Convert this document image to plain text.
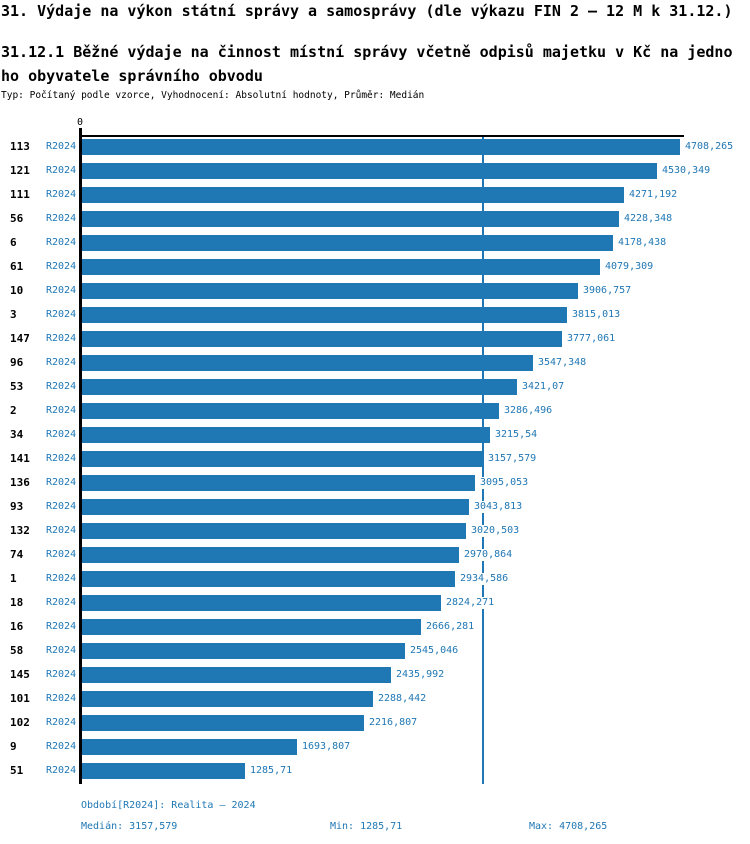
31. Výdaje na výkon státní správy a samosprávy (dle výkazu FIN 2 – 12 M k 31.12.)
31.12.1 Běžné výdaje na činnost místní správy včetně odpisů majetku v Kč na jedno
ho obyvatele správního obvodu
Typ: Počítaný podle vzorce, Vyhodnocení: Absolutní hodnoty, Průměr: Medián
0
113 R2024	4708,265
121 R2024	4530,349
111 R2024	4271,192
56 R2024	4228,348
6	R2024	4178,438
61 R2024	4079,309
10 R2024	3906,757
3	R2024	3815,013
147 R2024	3777,061
96 R2024	3547,348
53 R2024	3421,07
2	R2024	3286,496
34 R2024	3215,54
141 R2024	3157,579
136 R2024	3095,053
93 R2024	3043,813
132 R2024	3020,503
74 R2024	2970,864
1	R2024	2934,586
18 R2024	2824,271
16 R2024	2666,281
58 R2024	2545,046
145 R2024	2435,992
101 R2024	2288,442
102 R2024	2216,807
9	R2024	1693,807
51 R2024	1285,71
Období[R2024]: Realita – 2024
Medián: 3157,579	Min: 1285,71	Max: 4708,265
